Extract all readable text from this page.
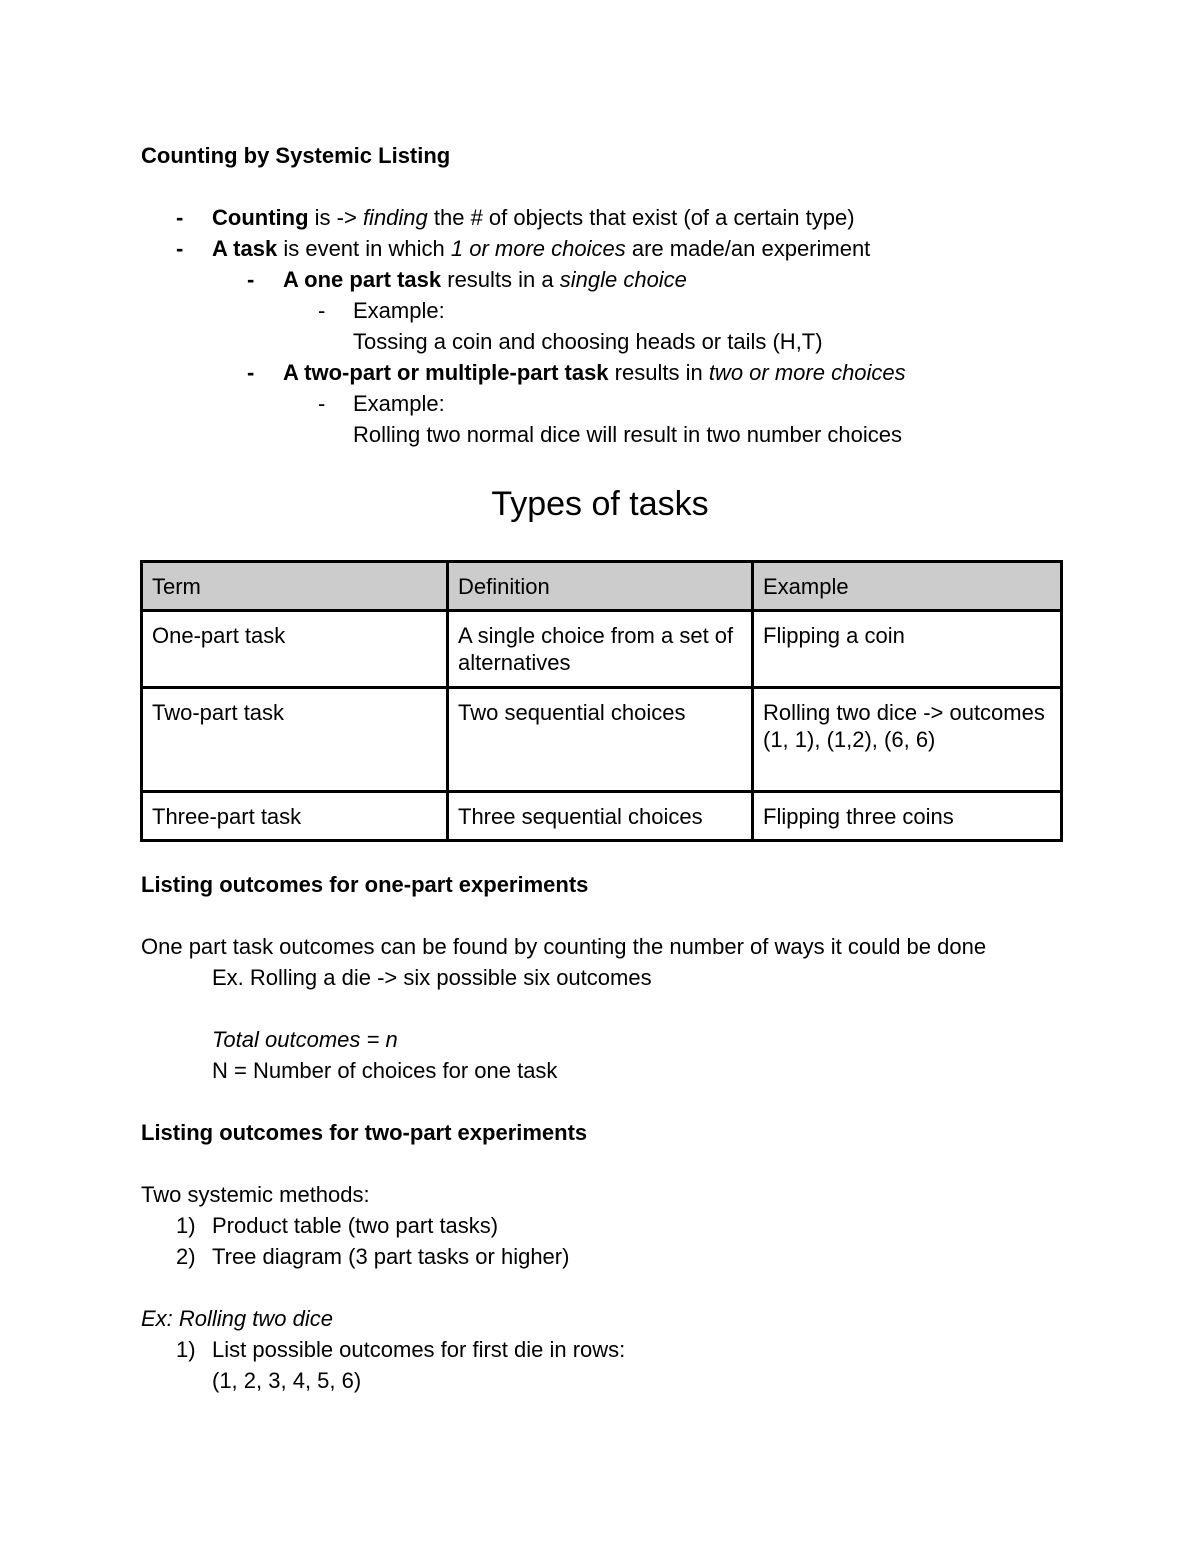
Counting by Systemic Listing
- Counting is -> finding the # of objects that exist (of a certain type)
- A task is event in which 1 or more choices are made/an experiment
- A one part task results in a single choice
- Example:
Tossing a coin and choosing heads or tails (H,T)
- A two-part or multiple-part task results in two or more choices
- Example:
Rolling two normal dice will result in two number choices
Types of tasks
Term	Definition	Example
One-part task	A single choice from a set of alternatives	Flipping a coin
Two-part task	Two sequential choices	Rolling two dice -> outcomes (1, 1), (1,2), (6, 6)
Three-part task	Three sequential choices	Flipping three coins
Listing outcomes for one-part experiments
One part task outcomes can be found by counting the number of ways it could be done
Ex. Rolling a die -> six possible six outcomes
Total outcomes = n
N = Number of choices for one task
Listing outcomes for two-part experiments
Two systemic methods:
1) Product table (two part tasks)
2) Tree diagram (3 part tasks or higher)
Ex: Rolling two dice
1) List possible outcomes for first die in rows:
(1, 2, 3, 4, 5, 6)
